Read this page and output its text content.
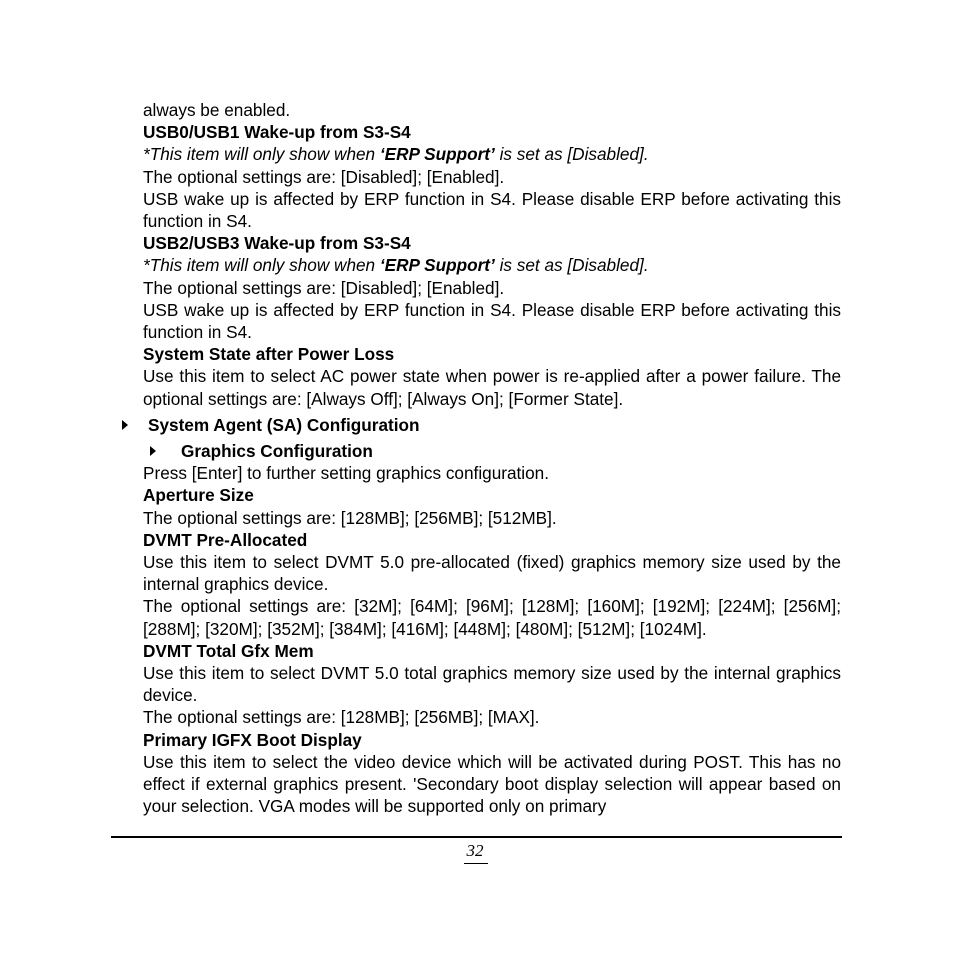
always be enabled.

USB0/USB1 Wake-up from S3-S4

*This item will only show when ‘ERP Support’ is set as [Disabled].

The optional settings are: [Disabled]; [Enabled].

USB wake up is affected by ERP function in S4. Please disable ERP before activating this function in S4.

USB2/USB3 Wake-up from S3-S4

*This item will only show when ‘ERP Support’ is set as [Disabled].

The optional settings are: [Disabled]; [Enabled].

USB wake up is affected by ERP function in S4. Please disable ERP before activating this function in S4.

System State after Power Loss

Use this item to select AC power state when power is re-applied after a power failure. The optional settings are: [Always Off]; [Always On]; [Former State].

System Agent (SA) Configuration
Graphics Configuration

Press [Enter] to further setting graphics configuration.

Aperture Size

The optional settings are: [128MB]; [256MB]; [512MB].

DVMT Pre-Allocated

Use this item to select DVMT 5.0 pre-allocated (fixed) graphics memory size used by the internal graphics device.

The optional settings are: [32M]; [64M]; [96M]; [128M]; [160M]; [192M]; [224M]; [256M]; [288M]; [320M]; [352M]; [384M]; [416M]; [448M]; [480M]; [512M]; [1024M].

DVMT Total Gfx Mem

Use this item to select DVMT 5.0 total graphics memory size used by the internal graphics device.

The optional settings are: [128MB]; [256MB]; [MAX].

Primary IGFX Boot Display

Use this item to select the video device which will be activated during POST. This has no effect if external graphics present. 'Secondary boot display selection will appear based on your selection. VGA modes will be supported only on primary

32
